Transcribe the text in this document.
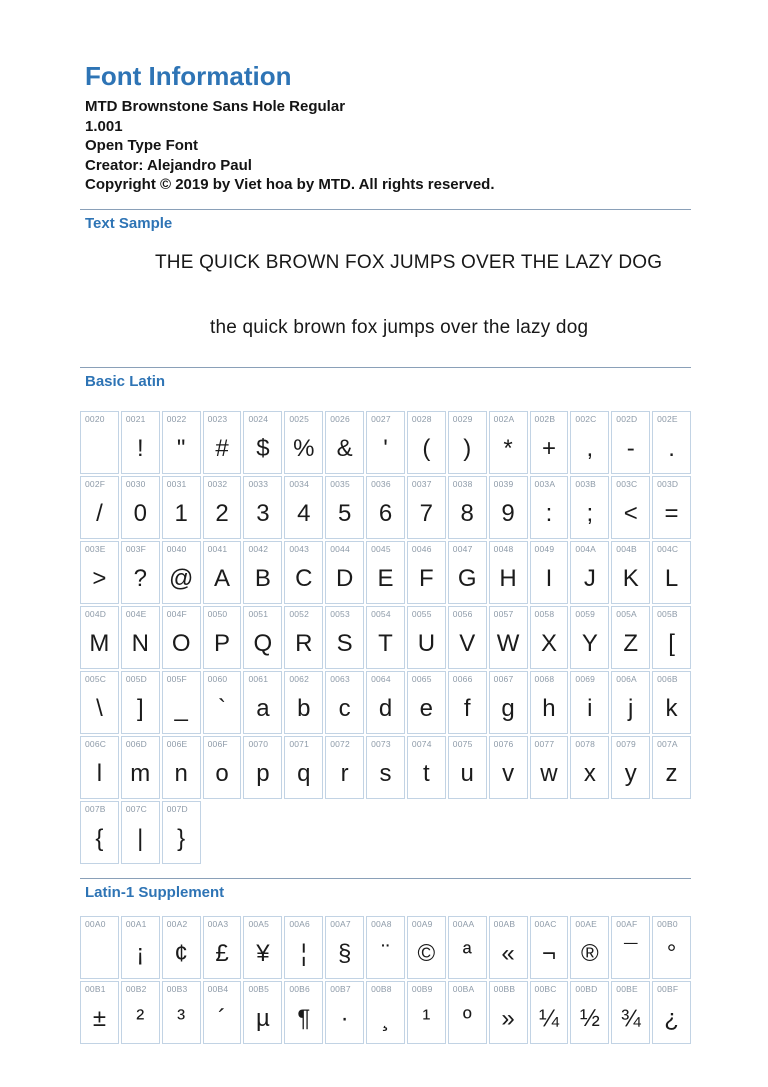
Font Information
MTD Brownstone Sans Hole Regular
1.001
Open Type Font
Creator: Alejandro Paul
Copyright © 2019 by Viet hoa by MTD. All rights reserved.
Text Sample
THE QUICK BROWN FOX JUMPS OVER THE LAZY DOG
the quick brown fox jumps over the lazy dog
Basic Latin
0020 0021
!
0022
"
0023
#
0024
$
0025
%
0026
&
0027
'
0028
(
0029
)
002A
*
002B
+
002C
,
002D
-
002E
.
002F
/
0030
0
0031
1
0032
2
0033
3
0034
4
0035
5
0036
6
0037
7
0038
8
0039
9
003A
:
003B
;
003C
<
003D
=
003E
>
003F
?
0040
@
0041
A
0042
B
0043
C
0044
D
0045
E
0046
F
0047
G
0048
H
0049
I
004A
J
004B
K
004C
L
004D
M
004E
N
004F
O
0050
P
0051
Q
0052
R
0053
S
0054
T
0055
U
0056
V
0057
W
0058
X
0059
Y
005A
Z
005B
[
005C
\
005D
]
005F
_
0060
`
0061
a
0062
b
0063
c
0064
d
0065
e
0066
f
0067
g
0068
h
0069
i
006A
j
006B
k
006C
l
006D
m
006E
n
006F
o
0070
p
0071
q
0072
r
0073
s
0074
t
0075
u
0076
v
0077
w
0078
x
0079
y
007A
z
007B
{
007C
|
007D
}
Latin-1 Supplement
00A0 00A1
¡
00A2
¢
00A3
£
00A5
¥
00A6
¦
00A7
§
00A8
¨
00A9
©
00AA
ª
00AB
«
00AC
¬
00AE
®
00AF
¯
00B0
°
00B1
±
00B2
²
00B3
³
00B4
´
00B5
µ
00B6
¶
00B7
·
00B8
¸
00B9
¹
00BA
º
00BB
»
00BC
¼
00BD
½
00BE
¾
00BF
¿
